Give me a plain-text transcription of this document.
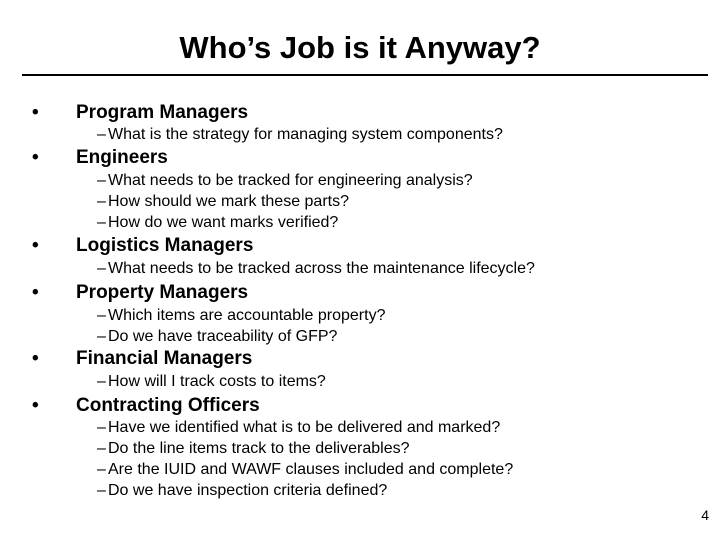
Who’s Job is it Anyway?
• Program Managers
– What is the strategy for managing system components?
• Engineers
– What needs to be tracked for engineering analysis?
– How should we mark these parts?
– How do we want marks verified?
• Logistics Managers
– What needs to be tracked across the maintenance lifecycle?
• Property Managers
– Which items are accountable property?
– Do we have traceability of GFP?
• Financial Managers
– How will I track costs to items?
• Contracting Officers
– Have we identified what is to be delivered and marked?
– Do the line items track to the deliverables?
– Are the IUID and WAWF clauses included and complete?
– Do we have inspection criteria defined?
4
